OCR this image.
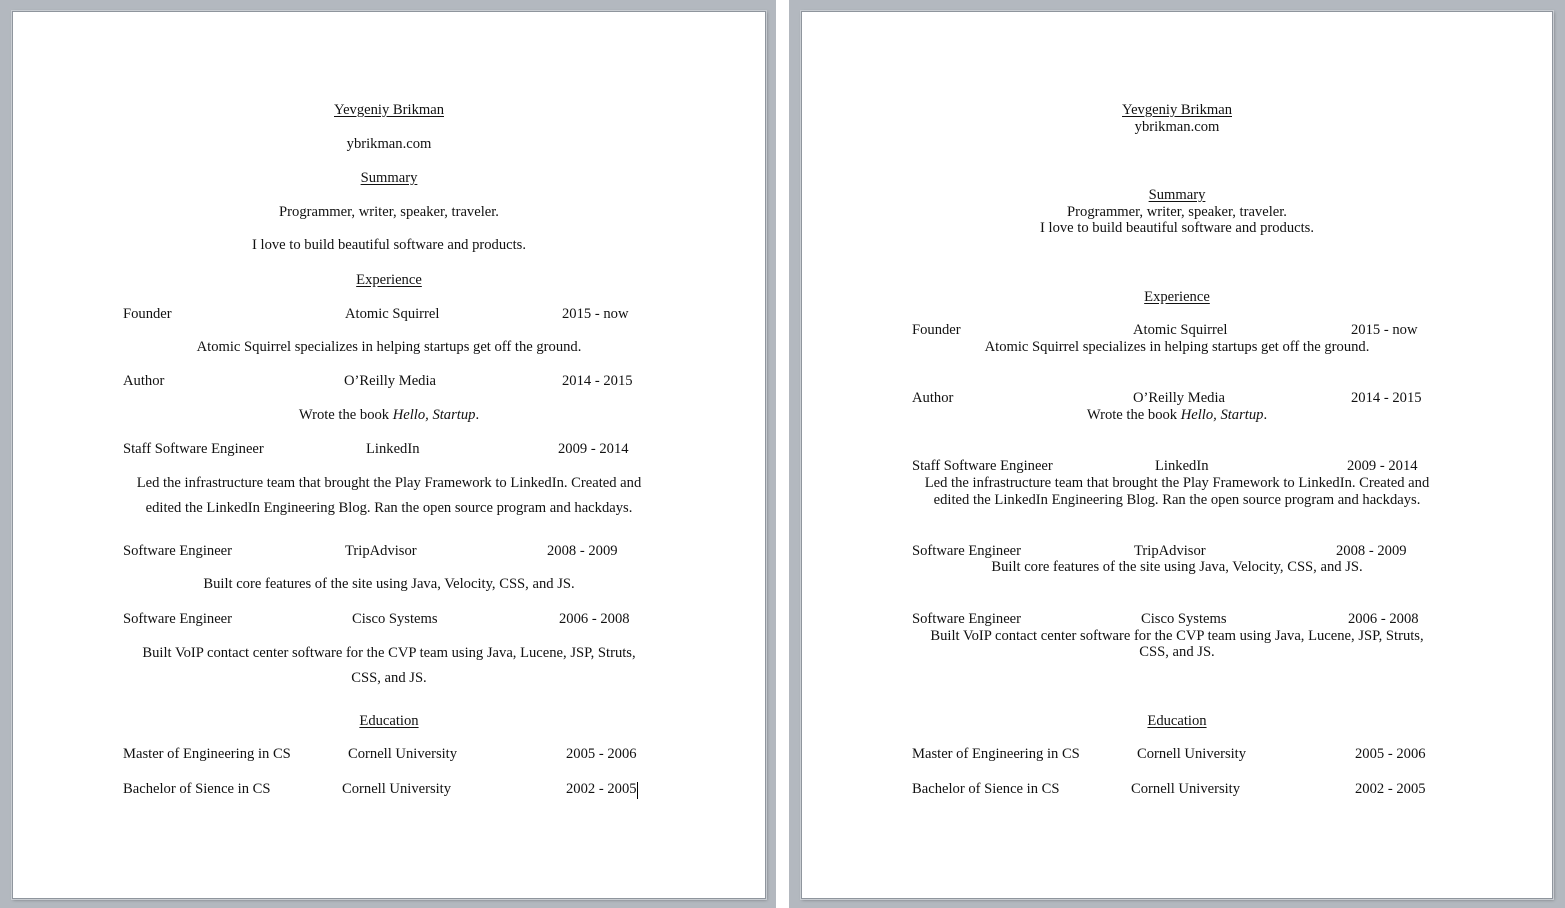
Yevgeniy Brikman
ybrikman.com
Summary
Programmer, writer, speaker, traveler.
I love to build beautiful software and products.
Experience
Founder	Atomic Squirrel	2015 - now
Atomic Squirrel specializes in helping startups get off the ground.
Author	O’Reilly Media	2014 - 2015
Wrote the book Hello, Startup.
Staff Software Engineer	LinkedIn	2009 - 2014
Led the infrastructure team that brought the Play Framework to LinkedIn. Created and
edited the LinkedIn Engineering Blog. Ran the open source program and hackdays.
Software Engineer	TripAdvisor	2008 - 2009
Built core features of the site using Java, Velocity, CSS, and JS.
Software Engineer	Cisco Systems	2006 - 2008
Built VoIP contact center software for the CVP team using Java, Lucene, JSP, Struts,
CSS, and JS.
Education
Master of Engineering in CS	Cornell University	2005 - 2006
Bachelor of Sience in CS	Cornell University	2002 - 2005
Yevgeniy Brikman
ybrikman.com
Summary
Programmer, writer, speaker, traveler.
I love to build beautiful software and products.
Experience
Founder	Atomic Squirrel	2015 - now
Atomic Squirrel specializes in helping startups get off the ground.
Author	O’Reilly Media	2014 - 2015
Wrote the book Hello, Startup.
Staff Software Engineer	LinkedIn	2009 - 2014
Led the infrastructure team that brought the Play Framework to LinkedIn. Created and
edited the LinkedIn Engineering Blog. Ran the open source program and hackdays.
Software Engineer	TripAdvisor	2008 - 2009
Built core features of the site using Java, Velocity, CSS, and JS.
Software Engineer	Cisco Systems	2006 - 2008
Built VoIP contact center software for the CVP team using Java, Lucene, JSP, Struts,
CSS, and JS.
Education
Master of Engineering in CS	Cornell University	2005 - 2006
Bachelor of Sience in CS	Cornell University	2002 - 2005
